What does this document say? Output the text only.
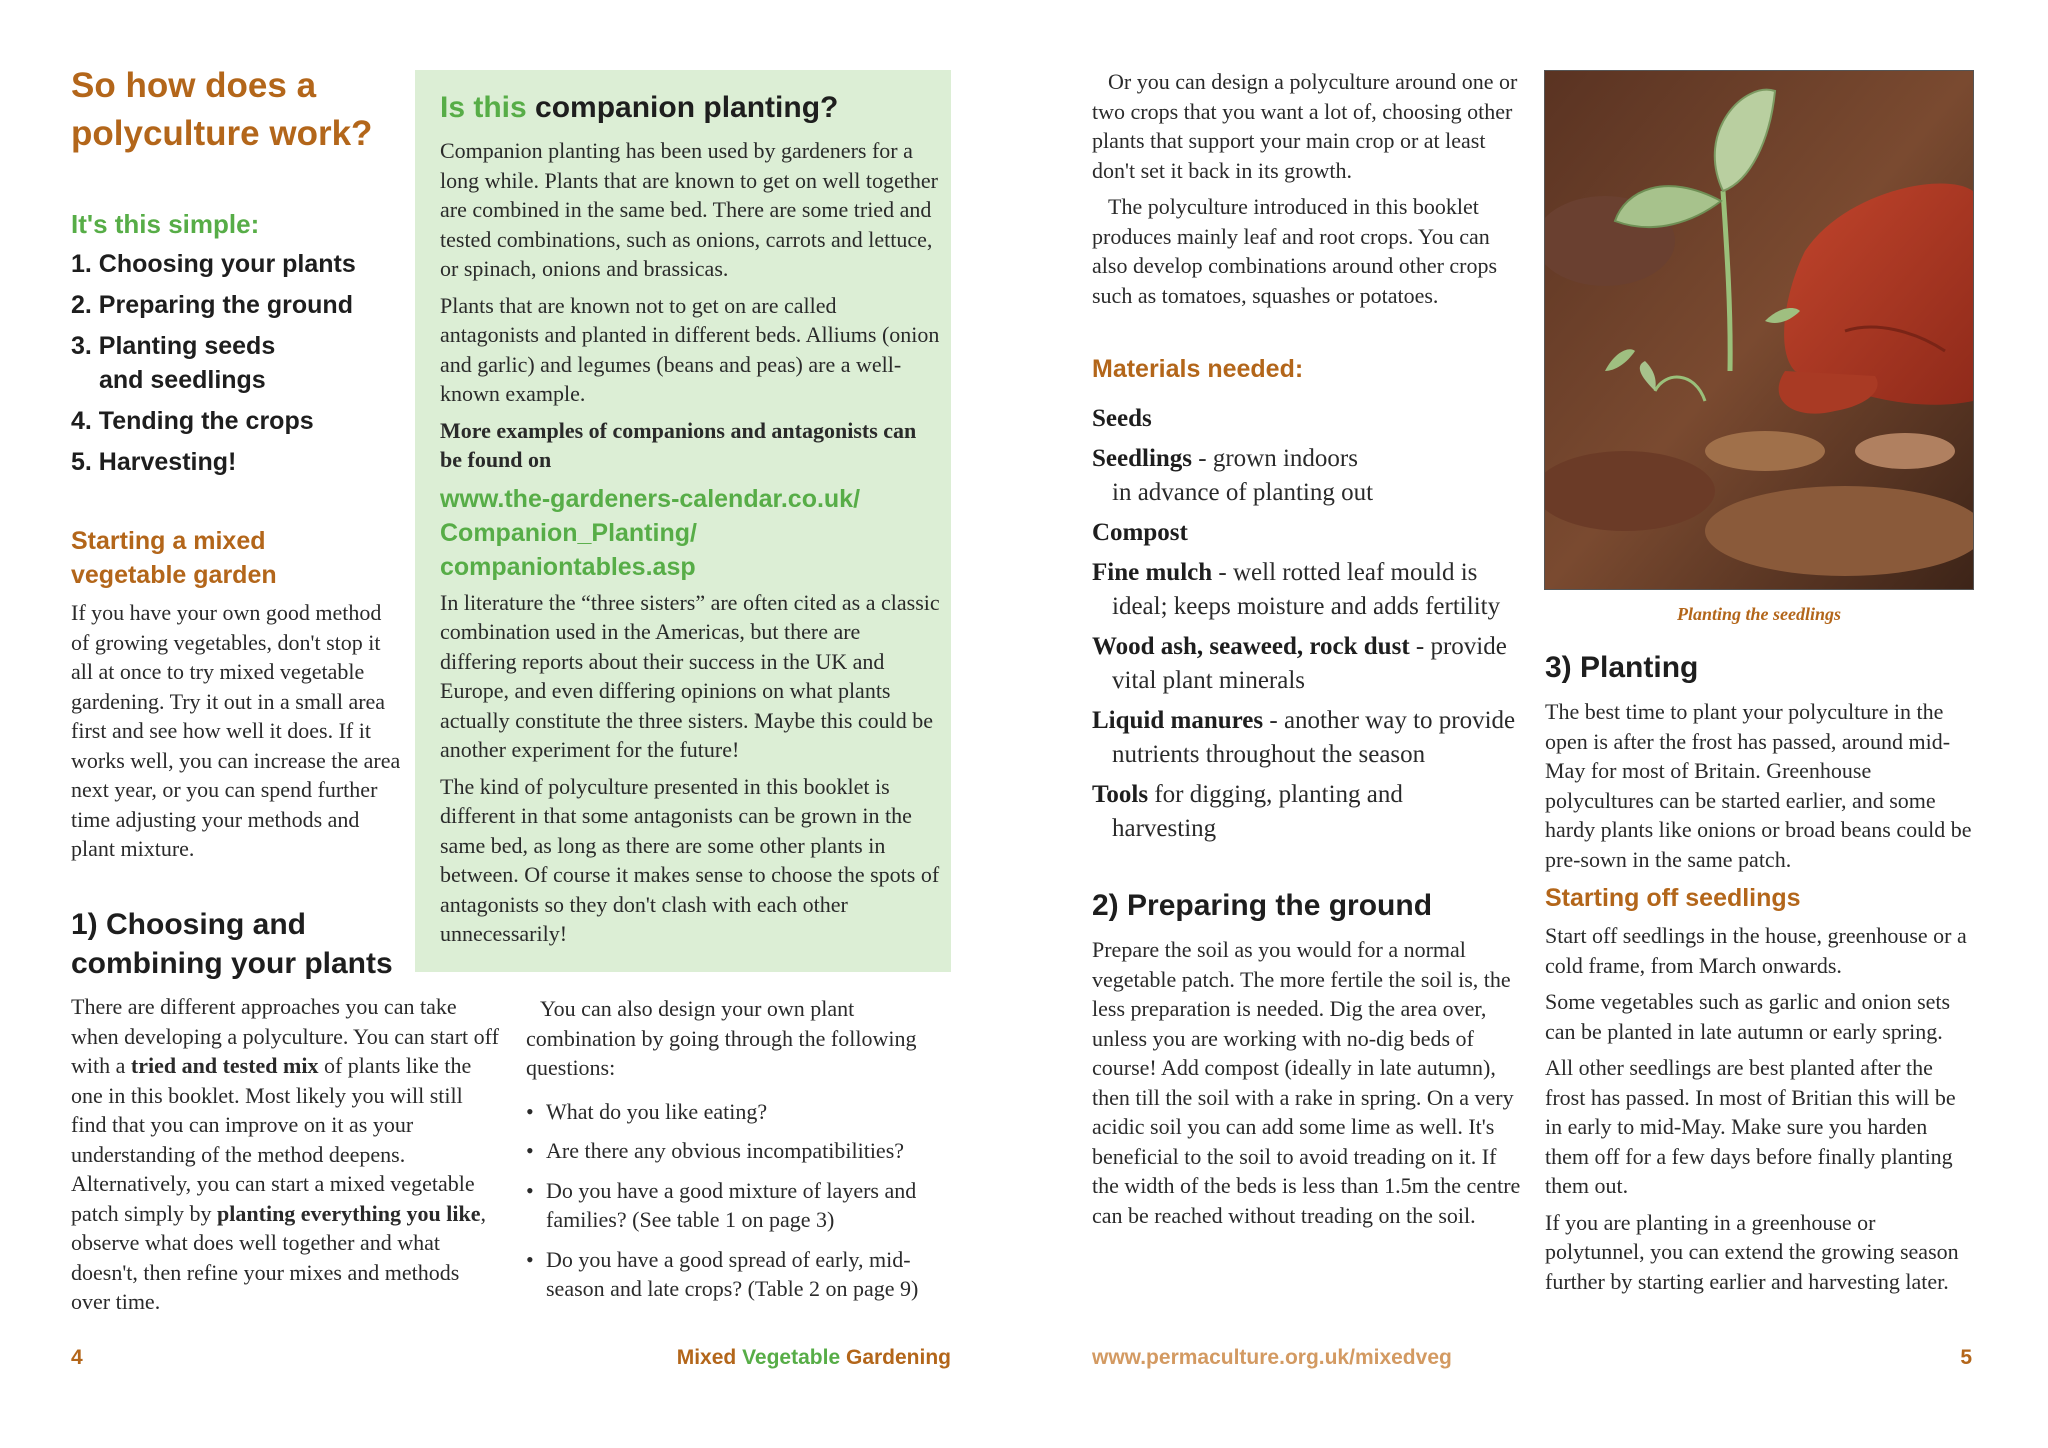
So how does a
polyculture work?
It's this simple:
1. Choosing your plants
2. Preparing the ground
3. Planting seeds
and seedlings
4. Tending the crops
5. Harvesting!
Starting a mixed
vegetable garden
If you have your own good method of growing vegetables, don't stop it all at once to try mixed vegetable gardening. Try it out in a small area first and see how well it does. If it works well, you can increase the area next year, or you can spend further time adjusting your methods and plant mixture.
1) Choosing and
combining your plants
There are different approaches you can take when developing a polyculture. You can start off with a tried and tested mix of plants like the one in this booklet. Most likely you will still find that you can improve on it as your understanding of the method deepens. Alternatively, you can start a mixed vegetable patch simply by planting everything you like, observe what does well together and what doesn't, then refine your mixes and methods over time.
Is this companion planting?

Companion planting has been used by gardeners for a long while. Plants that are known to get on well together are combined in the same bed. There are some tried and tested combinations, such as onions, carrots and lettuce, or spinach, onions and brassicas.

Plants that are known not to get on are called antagonists and planted in different beds. Alliums (onion and garlic) and legumes (beans and peas) are a well-known example.

More examples of companions and antagonists can be found on

www.the-gardeners-calendar.co.uk/
Companion_Planting/
companiontables.asp

In literature the “three sisters” are often cited as a classic combination used in the Americas, but there are differing reports about their success in the UK and Europe, and even differing opinions on what plants actually constitute the three sisters. Maybe this could be another experiment for the future!

The kind of polyculture presented in this booklet is different in that some antagonists can be grown in the same bed, as long as there are some other plants in between. Of course it makes sense to choose the spots of antagonists so they don't clash with each other unnecessarily!

You can also design your own plant combination by going through the following questions:

• What do you like eating?
• Are there any obvious incompatibilities?
• Do you have a good mixture of layers and families? (See table 1 on page 3)
• Do you have a good spread of early, mid-season and late crops? (Table 2 on page 9)

Or you can design a polyculture around one or two crops that you want a lot of, choosing other plants that support your main crop or at least don't set it back in its growth.

The polyculture introduced in this booklet produces mainly leaf and root crops. You can also develop combinations around other crops such as tomatoes, squashes or potatoes.

Materials needed:
Seeds
Seedlings - grown indoors
in advance of planting out
Compost
Fine mulch - well rotted leaf mould is
ideal; keeps moisture and adds fertility
Wood ash, seaweed, rock dust - provide
vital plant minerals
Liquid manures - another way to provide
nutrients throughout the season
Tools for digging, planting and
harvesting
2) Preparing the ground
Prepare the soil as you would for a normal vegetable patch. The more fertile the soil is, the less preparation is needed. Dig the area over, unless you are working with no-dig beds of course! Add compost (ideally in late autumn), then till the soil with a rake in spring. On a very acidic soil you can add some lime as well. It's beneficial to the soil to avoid treading on it. If the width of the beds is less than 1.5m the centre can be reached without treading on the soil.
Planting the seedlings
3) Planting

The best time to plant your polyculture in the open is after the frost has passed, around mid-May for most of Britain. Greenhouse polycultures can be started earlier, and some hardy plants like onions or broad beans could be pre-sown in the same patch.

Starting off seedlings

Start off seedlings in the house, greenhouse or a cold frame, from March onwards.

Some vegetables such as garlic and onion sets can be planted in late autumn or early spring.

All other seedlings are best planted after the frost has passed. In most of Britian this will be in early to mid-May. Make sure you harden them off for a few days before finally planting them out.

If you are planting in a greenhouse or polytunnel, you can extend the growing season further by starting earlier and harvesting later.

4	Mixed Vegetable Gardening	www.permaculture.org.uk/mixedveg	5
